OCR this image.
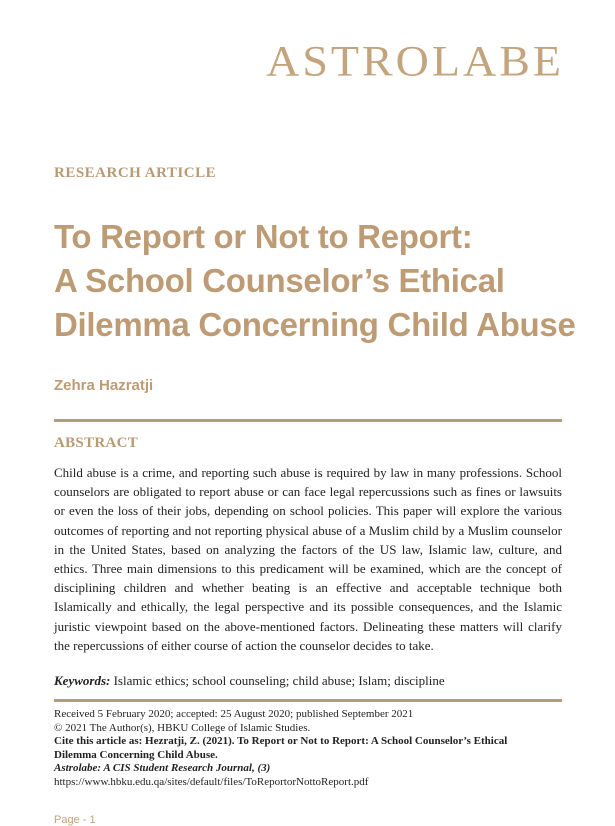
ASTROLABE
RESEARCH ARTICLE
To Report or Not to Report:
A School Counselor’s Ethical
Dilemma Concerning Child Abuse
Zehra Hazratji
ABSTRACT
Child abuse is a crime, and reporting such abuse is required by law in many professions. School counselors are obligated to report abuse or can face legal repercussions such as fines or lawsuits or even the loss of their jobs, depending on school policies. This paper will explore the various outcomes of reporting and not reporting physical abuse of a Muslim child by a Muslim counselor in the United States, based on analyzing the factors of the US law, Islamic law, culture, and ethics. Three main dimensions to this predicament will be examined, which are the concept of disciplining children and whether beating is an effective and acceptable technique both Islamically and ethically, the legal perspective and its possible consequences, and the Islamic juristic viewpoint based on the above-mentioned factors. Delineating these matters will clarify the repercussions of either course of action the counselor decides to take.
Keywords: Islamic ethics; school counseling; child abuse; Islam; discipline
Received 5 February 2020; accepted: 25 August 2020; published September 2021
© 2021 The Author(s), HBKU College of Islamic Studies.
Cite this article as: Hezratji, Z. (2021). To Report or Not to Report: A School Counselor’s Ethical
Dilemma Concerning Child Abuse.
Astrolabe: A CIS Student Research Journal, (3)
https://www.hbku.edu.qa/sites/default/files/ToReportorNottoReport.pdf
Page - 1
